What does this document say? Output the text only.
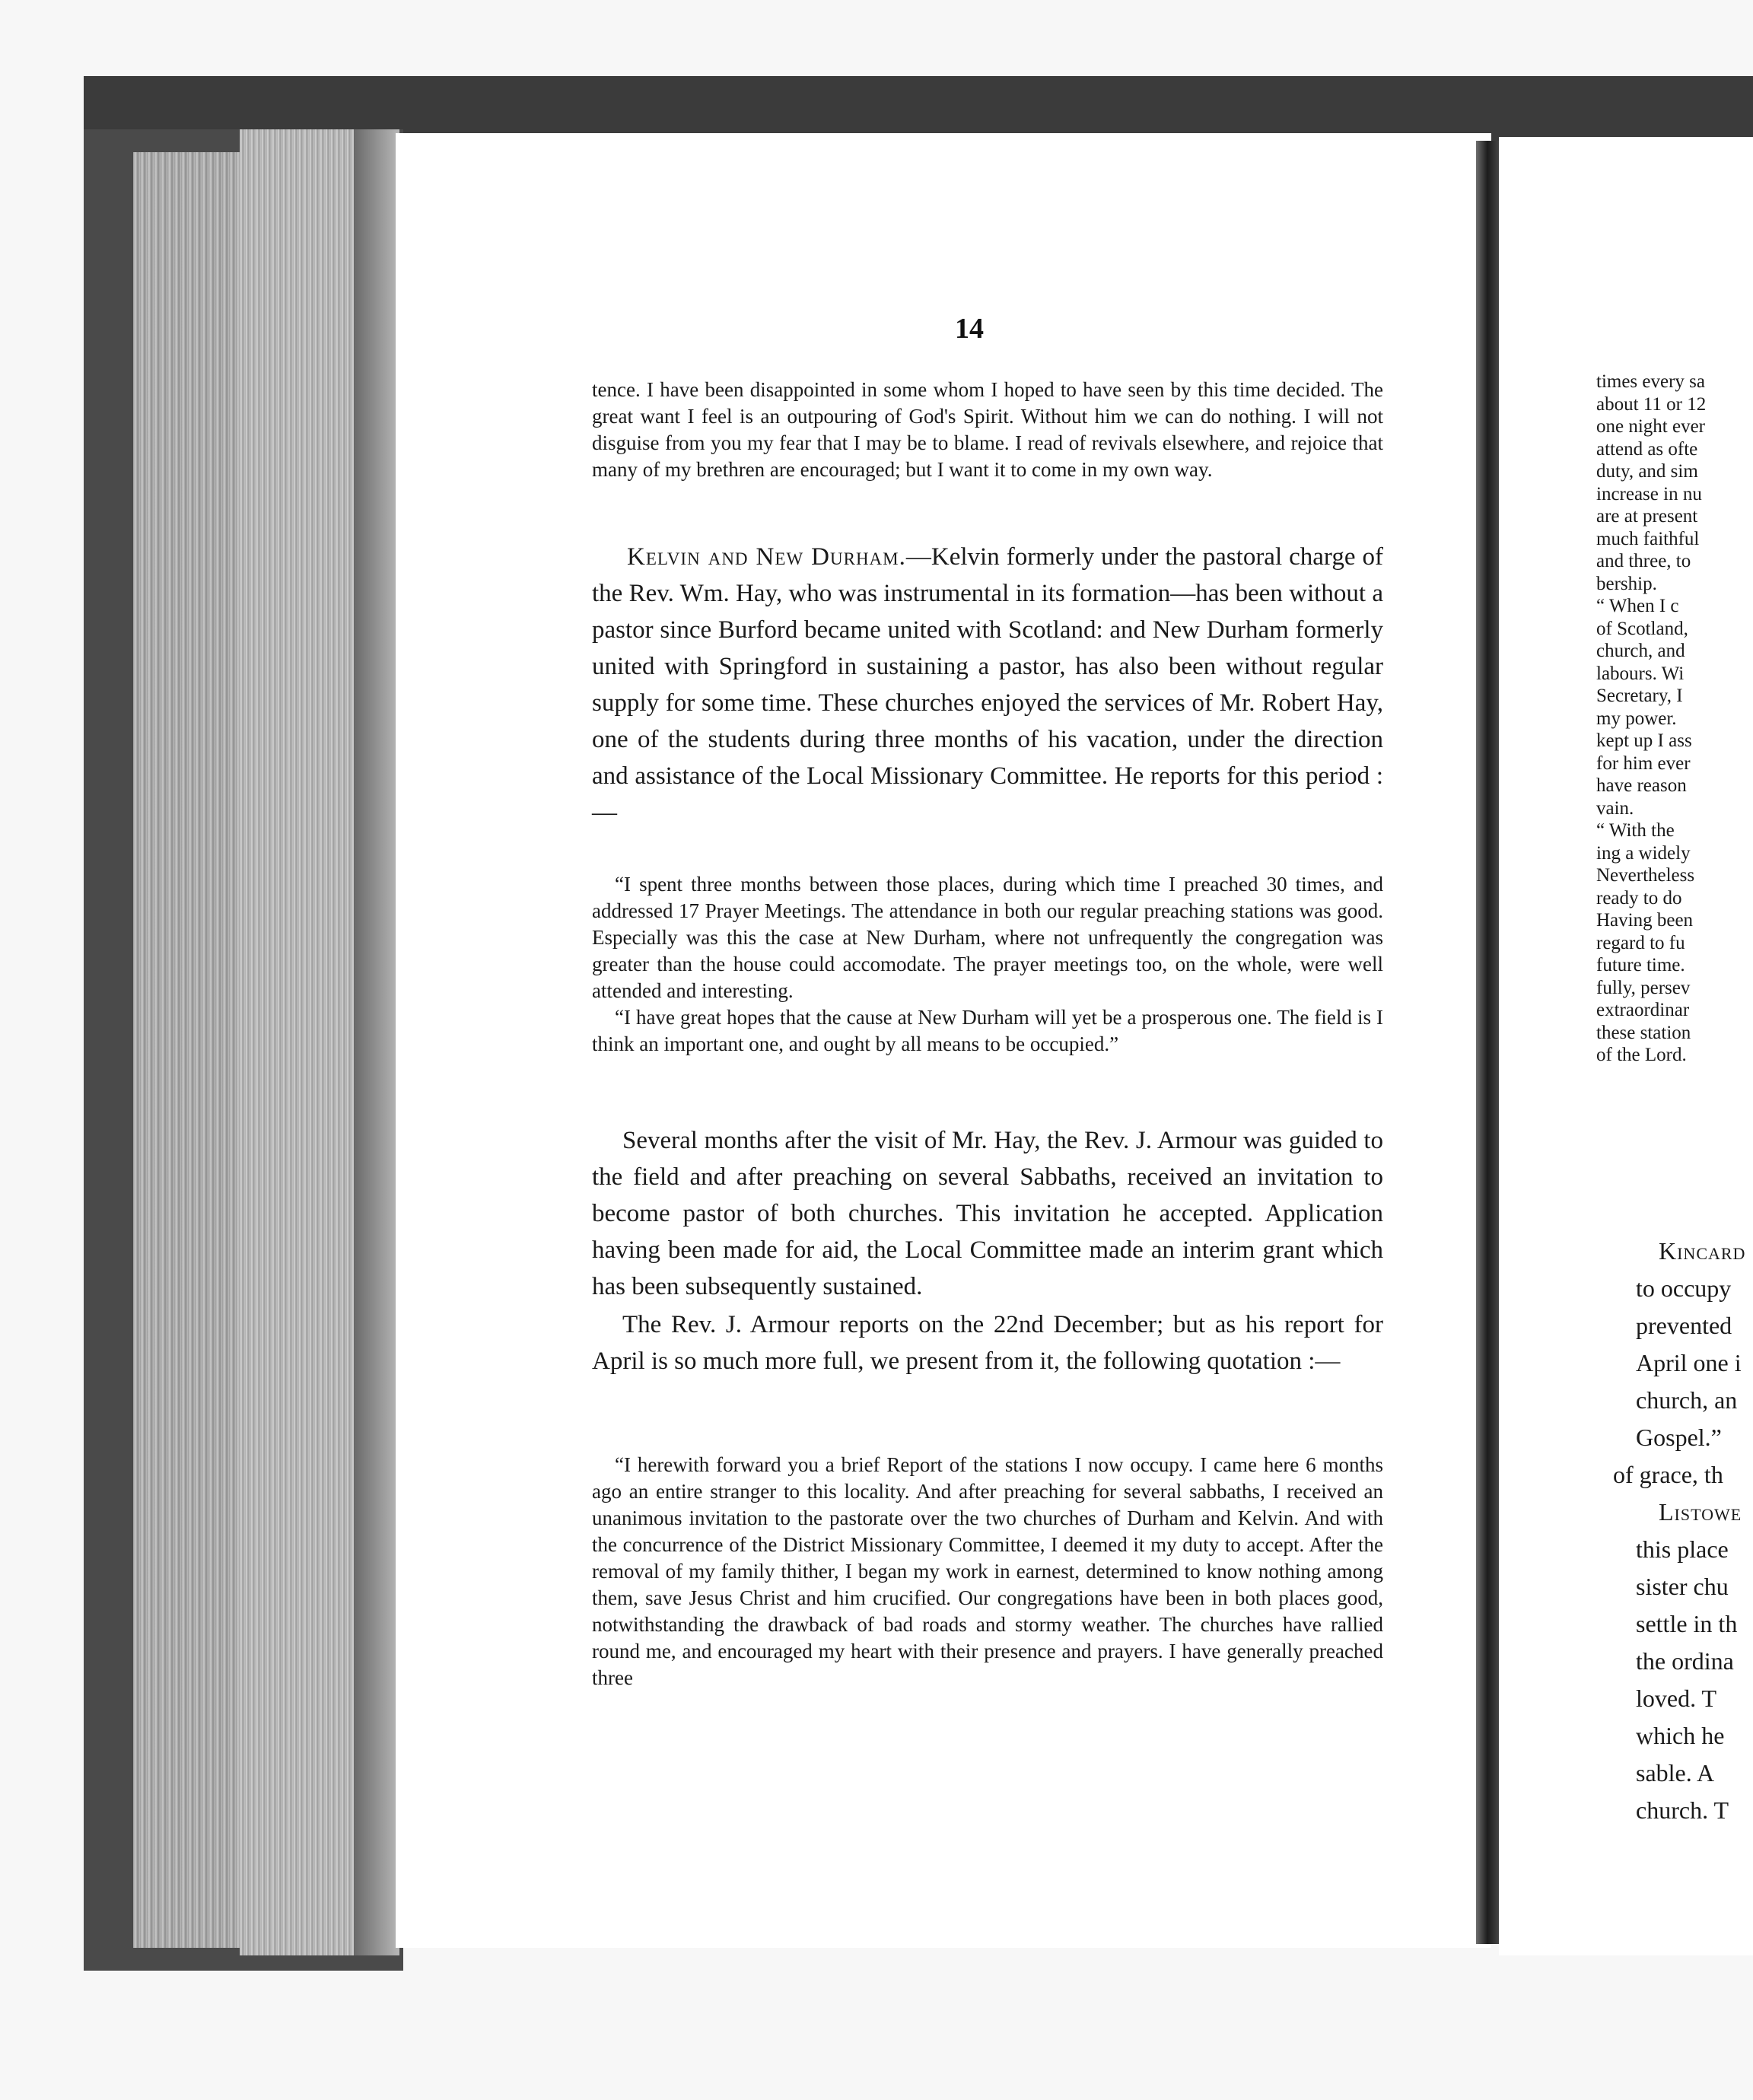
14

tence. I have been disappointed in some whom I hoped to have seen by this time decided. The great want I feel is an outpouring of God's Spirit. Without him we can do nothing. I will not disguise from you my fear that I may be to blame. I read of revivals elsewhere, and rejoice that many of my brethren are encouraged; but I want it to come in my own way.

Kelvin and New Durham.—Kelvin formerly under the pastoral charge of the Rev. Wm. Hay, who was instrumental in its formation—has been without a pastor since Burford became united with Scotland: and New Durham formerly united with Springford in sustaining a pastor, has also been without regular supply for some time. These churches enjoyed the services of Mr. Robert Hay, one of the students during three months of his vacation, under the direction and assistance of the Local Missionary Committee. He reports for this period :—

“I spent three months between those places, during which time I preached 30 times, and addressed 17 Prayer Meetings. The attendance in both our regular preaching stations was good. Especially was this the case at New Durham, where not unfrequently the congregation was greater than the house could accomodate. The prayer meetings too, on the whole, were well attended and interesting.

“I have great hopes that the cause at New Durham will yet be a prosperous one. The field is I think an important one, and ought by all means to be occupied.”

Several months after the visit of Mr. Hay, the Rev. J. Armour was guided to the field and after preaching on several Sabbaths, received an invitation to become pastor of both churches. This invitation he accepted. Application having been made for aid, the Local Committee made an interim grant which has been subsequently sustained.

The Rev. J. Armour reports on the 22nd December; but as his report for April is so much more full, we present from it, the following quotation :—

“I herewith forward you a brief Report of the stations I now occupy. I came here 6 months ago an entire stranger to this locality. And after preaching for several sabbaths, I received an unanimous invitation to the pastorate over the two churches of Durham and Kelvin. And with the concurrence of the District Missionary Committee, I deemed it my duty to accept. After the removal of my family thither, I began my work in earnest, determined to know nothing among them, save Jesus Christ and him crucified. Our congregations have been in both places good, notwithstanding the drawback of bad roads and stormy weather. The churches have rallied round me, and encouraged my heart with their presence and prayers. I have generally preached three

times every sa
about 11 or 12
one night ever
attend as ofte
duty, and sim
increase in nu
are at present
much faithful
and three, to
bership.
“ When I c
of Scotland,
church, and
labours. Wi
Secretary, I
my power.
kept up I ass
for him ever
have reason
vain.
“ With the
ing a widely
Nevertheless
ready to do
Having been
regard to fu
future time.
fully, persev
extraordinar
these station
of the Lord.
Kincard
to occupy
prevented
April one i
church, an
Gospel.”
of grace, th
Listowe
this place
sister chu
settle in th
the ordina
loved. T
which he
sable. A
church. T
